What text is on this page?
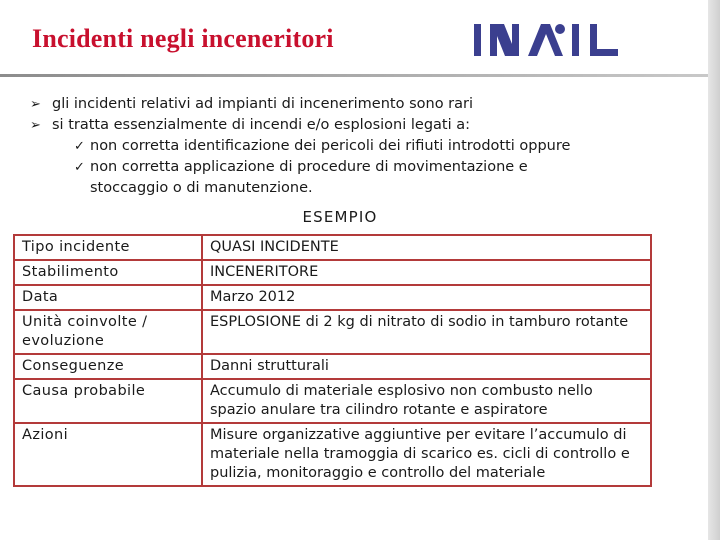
Incidenti negli inceneritori
➢ gli incidenti relativi ad impianti di incenerimento sono rari
➢ si tratta essenzialmente di incendi e/o esplosioni legati a:
✓ non corretta identificazione dei pericoli dei rifiuti introdotti oppure
✓ non corretta applicazione di procedure di movimentazione e
stoccaggio o di manutenzione.
ESEMPIO
Tipo incidente	QUASI INCIDENTE
Stabilimento	INCENERITORE
Data	Marzo 2012
Unità coinvolte / evoluzione	ESPLOSIONE di 2 kg di nitrato di sodio in tamburo rotante
Conseguenze	Danni strutturali
Causa probabile	Accumulo di materiale esplosivo non combusto nello spazio anulare tra cilindro rotante e aspiratore
Azioni	Misure organizzative aggiuntive per evitare l’accumulo di materiale nella tramoggia di scarico es. cicli di controllo e pulizia, monitoraggio e controllo del materiale
